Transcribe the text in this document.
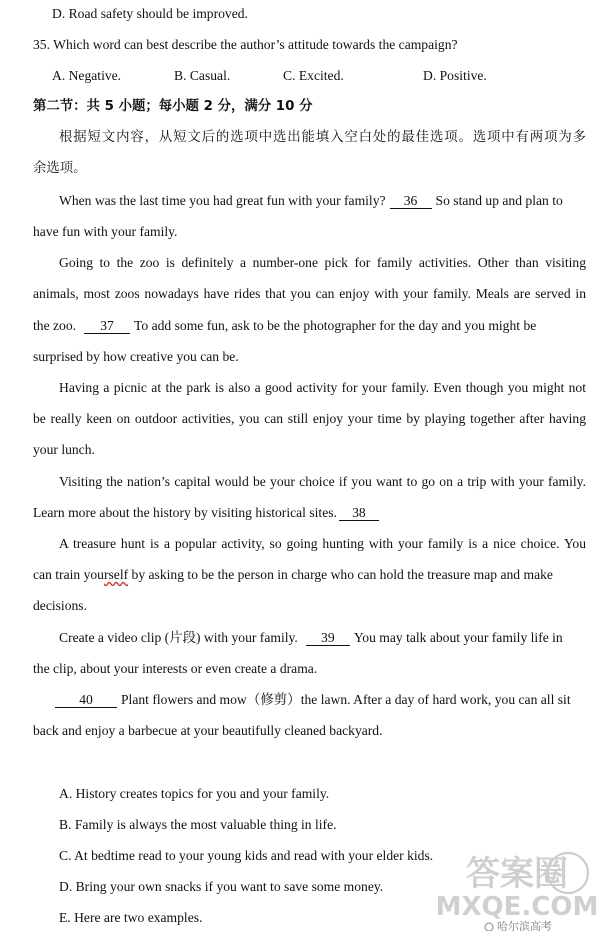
D. Road safety should be improved.
35. Which word can best describe the author’s attitude towards the campaign?
A. Negative.	B. Casual.	C. Excited.	D. Positive.
第二节：共 5 小题；每小题 2 分，满分 10 分
根据短文内容，从短文后的选项中选出能填入空白处的最佳选项。选项中有两项为多
余选项。
When was the last time you had great fun with your family? 36 So stand up and plan to
have fun with your family.
Going to the zoo is definitely a number-one pick for family activities. Other than visiting
animals, most zoos nowadays have rides that you can enjoy with your family. Meals are served in
the zoo. 37 To add some fun, ask to be the photographer for the day and you might be
surprised by how creative you can be.
Having a picnic at the park is also a good activity for your family. Even though you might not
be really keen on outdoor activities, you can still enjoy your time by playing together after having
your lunch.
Visiting the nation’s capital would be your choice if you want to go on a trip with your family.
Learn more about the history by visiting historical sites. 38
A treasure hunt is a popular activity, so going hunting with your family is a nice choice. You
can train yourself by asking to be the person in charge who can hold the treasure map and make
decisions.
Create a video clip (片段) with your family. 39 You may talk about your family life in
the clip, about your interests or even create a drama.
40 Plant flowers and mow（修剪）the lawn. After a day of hard work, you can all sit
back and enjoy a barbecue at your beautifully cleaned backyard.
A. History creates topics for you and your family.
B. Family is always the most valuable thing in life.
C. At bedtime read to your young kids and read with your elder kids.
D. Bring your own snacks if you want to save some money.
E. Here are two examples.
答案圈
MXQE.COM
哈尔滨高考
